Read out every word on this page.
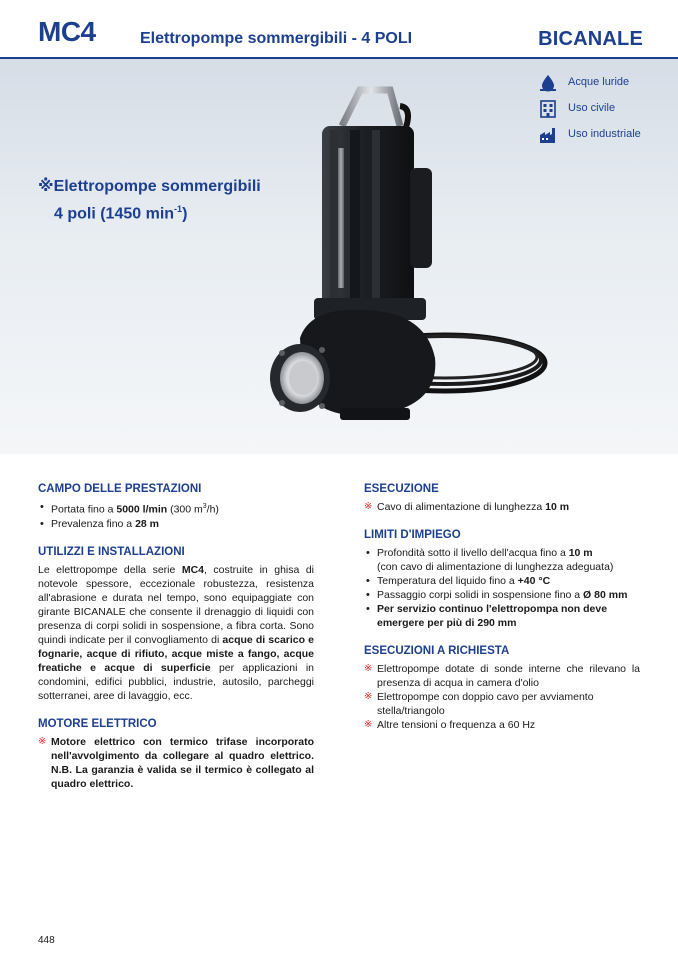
MC4	Elettropompe sommergibili - 4 POLI	BICANALE
Acque luride
Uso civile
Uso industriale
※Elettropompe sommergibili
4 poli (1450 $\min^{-1}$)
CAMPO DELLE PRESTAZIONI
• Portata fino a 5000 l/min (300 $m^3/h$)
• Prevalenza fino a 28 m
UTILIZZI E INSTALLAZIONI
Le elettropompe della serie MC4, costruite in ghisa di notevole spessore, eccezionale robustezza, resistenza all'abrasione e durata nel tempo, sono equipaggiate con girante BICANALE che consente il drenaggio di liquidi con presenza di corpi solidi in sospensione, a fibra corta. Sono quindi indicate per il convogliamento di acque di scarico e fognarie, acque di rifiuto, acque miste a fango, acque freatiche e acque di superficie per applicazioni in condomini, edifici pubblici, industrie, autosilo, parcheggi sotterranei, aree di lavaggio, ecc.
MOTORE ELETTRICO
※ Motore elettrico con termico trifase incorporato nell'avvolgimento da collegare al quadro elettrico. N.B. La garanzia è valida se il termico è collegato al quadro elettrico.
ESECUZIONE
※ Cavo di alimentazione di lunghezza 10 m
LIMITI D'IMPIEGO
• Profondità sotto il livello dell'acqua fino a 10 m
(con cavo di alimentazione di lunghezza adeguata)
• Temperatura del liquido fino a +40 °C
• Passaggio corpi solidi in sospensione fino a Ø 80 mm
• Per servizio continuo l'elettropompa non deve emergere per più di 290 mm
ESECUZIONI A RICHIESTA
※ Elettropompe dotate di sonde interne che rilevano la presenza di acqua in camera d'olio
※ Elettropompe con doppio cavo per avviamento stella/triangolo
※ Altre tensioni o frequenza a 60 Hz
448
